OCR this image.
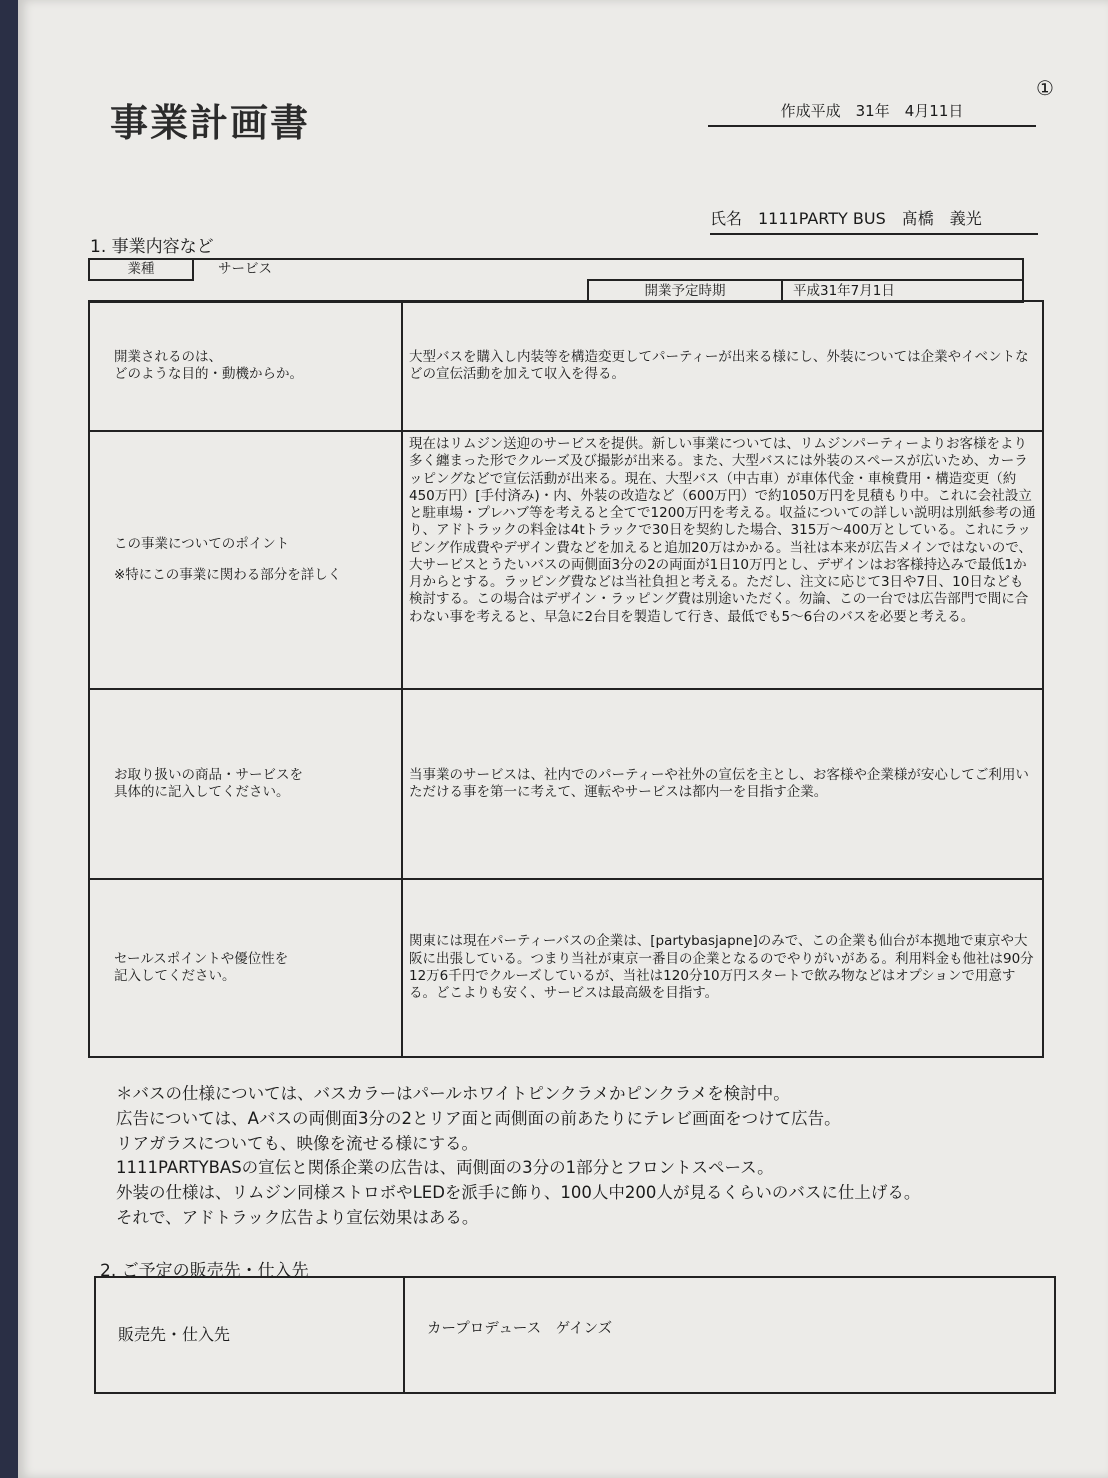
事業計画書
①
作成平成　31年　4月11日
氏名　1111PARTY BUS　髙橋　義光
1. 事業内容など
業種	サービス		
		開業予定時期	平成31年7月1日
開業されるのは、
どのような目的・動機からか。	大型バスを購入し内装等を構造変更してパーティーが出来る様にし、外装については企業やイベントなどの宣伝活動を加えて収入を得る。

この事業についてのポイント
※特にこの事業に関わる部分を詳しく	現在はリムジン送迎のサービスを提供。新しい事業については、リムジンパーティーよりお客様をより多く纏まった形でクルーズ及び撮影が出来る。また、大型バスには外装のスペースが広いため、カーラッピングなどで宣伝活動が出来る。現在、大型バス（中古車）が車体代金・車検費用・構造変更（約450万円）[手付済み)・内、外装の改造など（600万円）で約1050万円を見積もり中。これに会社設立と駐車場・プレハブ等を考えると全てで1200万円を考える。収益についての詳しい説明は別紙参考の通り、アドトラックの料金は4tトラックで30日を契約した場合、315万～400万としている。これにラッピング作成費やデザイン費などを加えると追加20万はかかる。当社は本来が広告メインではないので、大サービスとうたいバスの両側面3分の2の両面が1日10万円とし、デザインはお客様持込みで最低1か月からとする。ラッピング費などは当社負担と考える。ただし、注文に応じて3日や7日、10日なども検討する。この場合はデザイン・ラッピング費は別途いただく。勿論、この一台では広告部門で間に合わない事を考えると、早急に2台目を製造して行き、最低でも5～6台のバスを必要と考える。

お取り扱いの商品・サービスを
具体的に記入してください。	当事業のサービスは、社内でのパーティーや社外の宣伝を主とし、お客様や企業様が安心してご利用いただける事を第一に考えて、運転やサービスは都内一を目指す企業。

セールスポイントや優位性を
記入してください。	関東には現在パーティーバスの企業は、[partybasjapne]のみで、この企業も仙台が本拠地で東京や大阪に出張している。つまり当社が東京一番目の企業となるのでやりがいがある。利用料金も他社は90分12万6千円でクルーズしているが、当社は120分10万円スタートで飲み物などはオプションで用意する。どこよりも安く、サービスは最高級を目指す。
＊バスの仕様については、バスカラーはパールホワイトピンクラメかピンクラメを検討中。
広告については、Aバスの両側面3分の2とリア面と両側面の前あたりにテレビ画面をつけて広告。
リアガラスについても、映像を流せる様にする。
1111PARTYBASの宣伝と関係企業の広告は、両側面の3分の1部分とフロントスペース。
外装の仕様は、リムジン同様ストロボやLEDを派手に飾り、100人中200人が見るくらいのバスに仕上げる。
それで、アドトラック広告より宣伝効果はある。
2. ご予定の販売先・仕入先
販売先・仕入先	カープロデュース　ゲインズ
